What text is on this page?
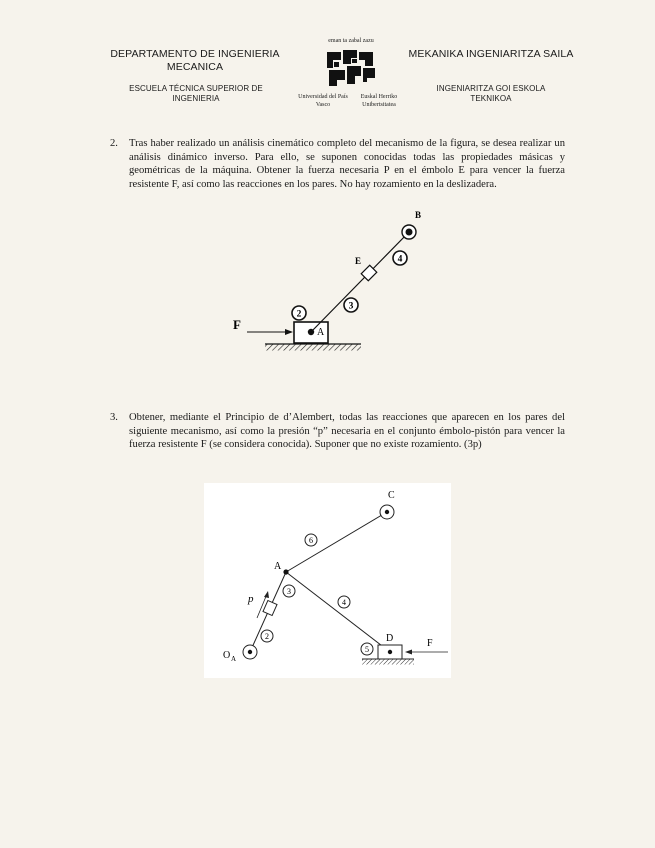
DEPARTAMENTO DE INGENIERIA MECANICA
ESCUELA TÉCNICA SUPERIOR DE INGENIERIA
eman ta zabal zazu
Universidad del País Vasco
Euskal Herriko Unibertsitatea
MEKANIKA INGENIARITZA SAILA
INGENIARITZA GOI ESKOLA TEKNIKOA
2. Tras haber realizado un análisis cinemático completo del mecanismo de la figura, se desea realizar un análisis dinámico inverso. Para ello, se suponen conocidas todas las propiedades másicas y geométricas de la máquina. Obtener la fuerza necesaria P en el émbolo E para vencer la fuerza resistente F, así como las reacciones en los pares. No hay rozamiento en la deslizadera.
F
A
B
E
2
3
4
3. Obtener, mediante el Principio de d’Alembert, todas las reacciones que aparecen en los pares del siguiente mecanismo, así como la presión “p” necesaria en el conjunto émbolo-pistón para vencer la fuerza resistente F (se considera conocida). Suponer que no existe rozamiento. (3p)
A
C
D
O A
p
F
6
3
4
2
5
